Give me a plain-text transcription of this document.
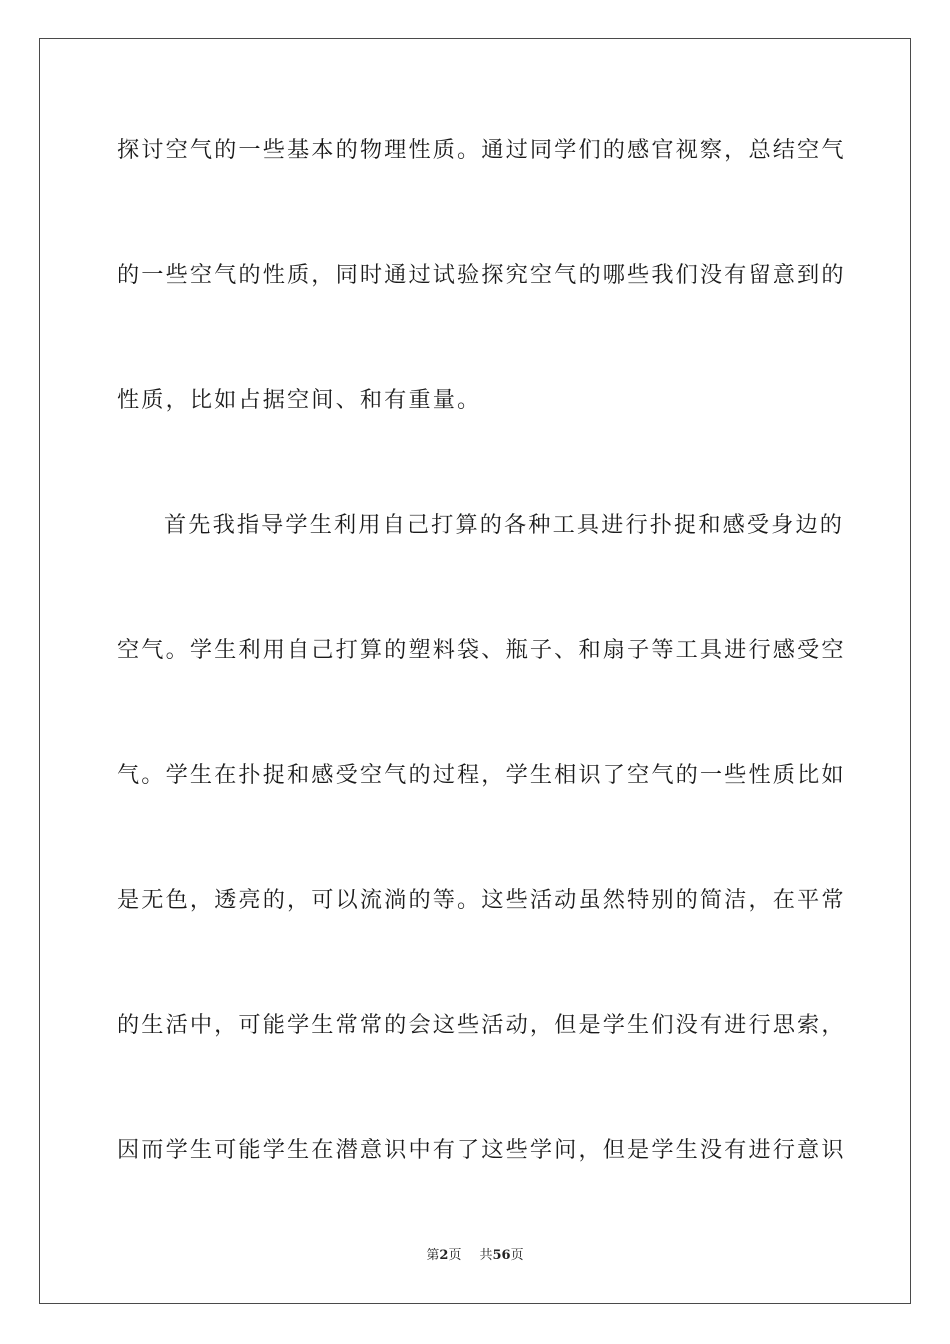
探讨空气的一些基本的物理性质。通过同学们的感官视察，总结空气
的一些空气的性质，同时通过试验探究空气的哪些我们没有留意到的
性质，比如占据空间、和有重量。
首先我指导学生利用自己打算的各种工具进行扑捉和感受身边的
空气。学生利用自己打算的塑料袋、瓶子、和扇子等工具进行感受空
气。学生在扑捉和感受空气的过程，学生相识了空气的一些性质比如
是无色，透亮的，可以流淌的等。这些活动虽然特别的简洁，在平常
的生活中，可能学生常常的会这些活动，但是学生们没有进行思索，
因而学生可能学生在潜意识中有了这些学问，但是学生没有进行意识
第2页 共56页
